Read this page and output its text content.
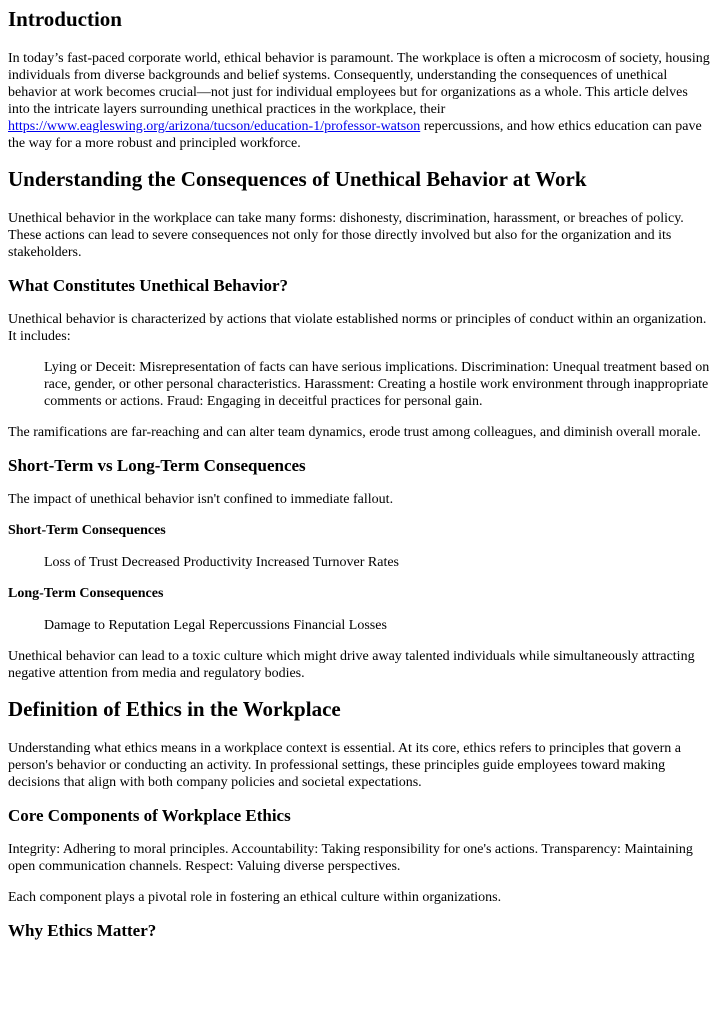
Introduction

In today’s fast-paced corporate world, ethical behavior is paramount. The workplace is often a microcosm of society, housing individuals from diverse backgrounds and belief systems. Consequently, understanding the consequences of unethical behavior at work becomes crucial—not just for individual employees but for organizations as a whole. This article delves into the intricate layers surrounding unethical practices in the workplace, their https://www.eagleswing.org/arizona/tucson/education-1/professor-watson repercussions, and how ethics education can pave the way for a more robust and principled workforce.

Understanding the Consequences of Unethical Behavior at Work

Unethical behavior in the workplace can take many forms: dishonesty, discrimination, harassment, or breaches of policy. These actions can lead to severe consequences not only for those directly involved but also for the organization and its stakeholders.

What Constitutes Unethical Behavior?

Unethical behavior is characterized by actions that violate established norms or principles of conduct within an organization. It includes:

Lying or Deceit: Misrepresentation of facts can have serious implications. Discrimination: Unequal treatment based on race, gender, or other personal characteristics. Harassment: Creating a hostile work environment through inappropriate comments or actions. Fraud: Engaging in deceitful practices for personal gain.

The ramifications are far-reaching and can alter team dynamics, erode trust among colleagues, and diminish overall morale.

Short-Term vs Long-Term Consequences

The impact of unethical behavior isn't confined to immediate fallout.

Short-Term Consequences
Loss of Trust Decreased Productivity Increased Turnover Rates
Long-Term Consequences
Damage to Reputation Legal Repercussions Financial Losses

Unethical behavior can lead to a toxic culture which might drive away talented individuals while simultaneously attracting negative attention from media and regulatory bodies.

Definition of Ethics in the Workplace

Understanding what ethics means in a workplace context is essential. At its core, ethics refers to principles that govern a person's behavior or conducting an activity. In professional settings, these principles guide employees toward making decisions that align with both company policies and societal expectations.

Core Components of Workplace Ethics

Integrity: Adhering to moral principles. Accountability: Taking responsibility for one's actions. Transparency: Maintaining open communication channels. Respect: Valuing diverse perspectives.

Each component plays a pivotal role in fostering an ethical culture within organizations.

Why Ethics Matter?
